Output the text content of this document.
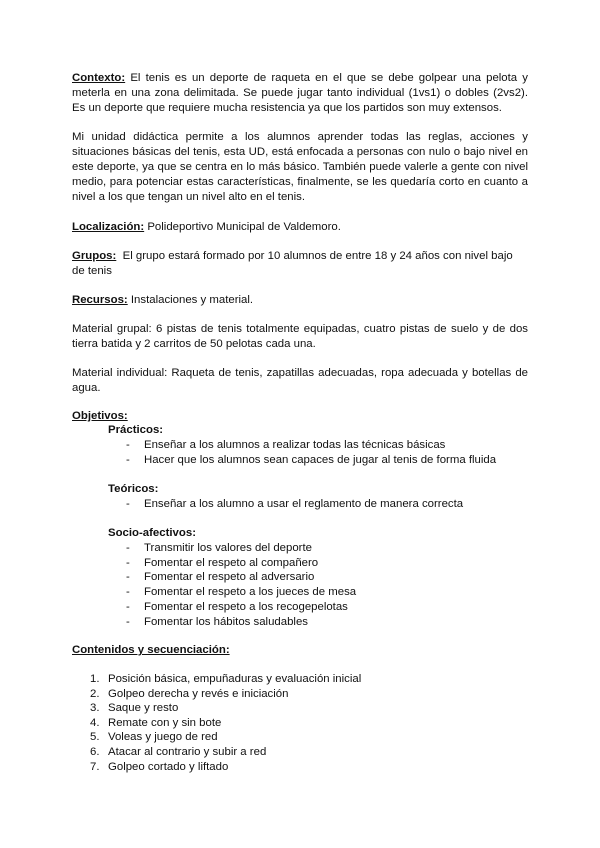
Contexto: El tenis es un deporte de raqueta en el que se debe golpear una pelota y meterla en una zona delimitada. Se puede jugar tanto individual (1vs1) o dobles (2vs2). Es un deporte que requiere mucha resistencia ya que los partidos son muy extensos.

Mi unidad didáctica permite a los alumnos aprender todas las reglas, acciones y situaciones básicas del tenis, esta UD, está enfocada a personas con nulo o bajo nivel en este deporte, ya que se centra en lo más básico. También puede valerle a gente con nivel medio, para potenciar estas características, finalmente, se les quedaría corto en cuanto a nivel a los que tengan un nivel alto en el tenis.

Localización: Polideportivo Municipal de Valdemoro.

Grupos: El grupo estará formado por 10 alumnos de entre 18 y 24 años con nivel bajo de tenis

Recursos: Instalaciones y material.

Material grupal: 6 pistas de tenis totalmente equipadas, cuatro pistas de suelo y de dos tierra batida y 2 carritos de 50 pelotas cada una.

Material individual: Raqueta de tenis, zapatillas adecuadas, ropa adecuada y botellas de agua.

Objetivos:

Prácticos:

- Enseñar a los alumnos a realizar todas las técnicas básicas
- Hacer que los alumnos sean capaces de jugar al tenis de forma fluida

Teóricos:

- Enseñar a los alumno a usar el reglamento de manera correcta

Socio-afectivos:

- Transmitir los valores del deporte
- Fomentar el respeto al compañero
- Fomentar el respeto al adversario
- Fomentar el respeto a los jueces de mesa
- Fomentar el respeto a los recogepelotas
- Fomentar los hábitos saludables

Contenidos y secuenciación:

1. Posición básica, empuñaduras y evaluación inicial
2. Golpeo derecha y revés e iniciación
3. Saque y resto
4. Remate con y sin bote
5. Voleas y juego de red
6. Atacar al contrario y subir a red
7. Golpeo cortado y liftado
